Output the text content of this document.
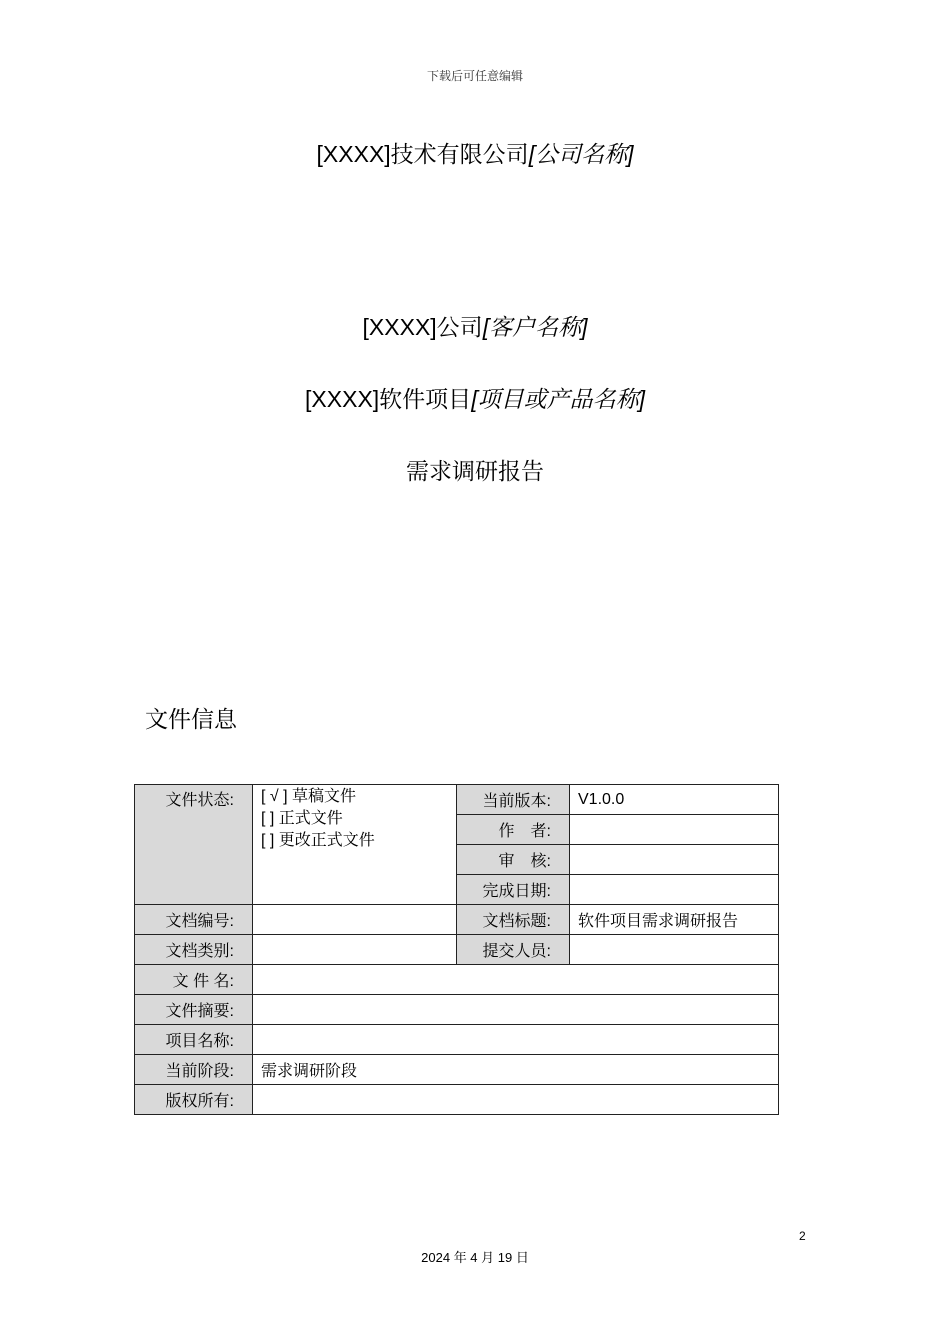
下载后可任意编辑
[XXXX]技术有限公司[公司名称]
[XXXX]公司[客户名称]
[XXXX]软件项目[项目或产品名称]
需求调研报告
文件信息
文件状态:	[ √ ] 草稿文件
[ ] 正式文件
[ ] 更改正式文件	当前版本:	V1.0.0
		作　者:	
		审　核:	
		完成日期:	
文档编号:		文档标题:	软件项目需求调研报告
文档类别:		提交人员:	
文 件 名:			
文件摘要:			
项目名称:			
当前阶段:	需求调研阶段		
版权所有:			
2
2024 年 4 月 19 日
